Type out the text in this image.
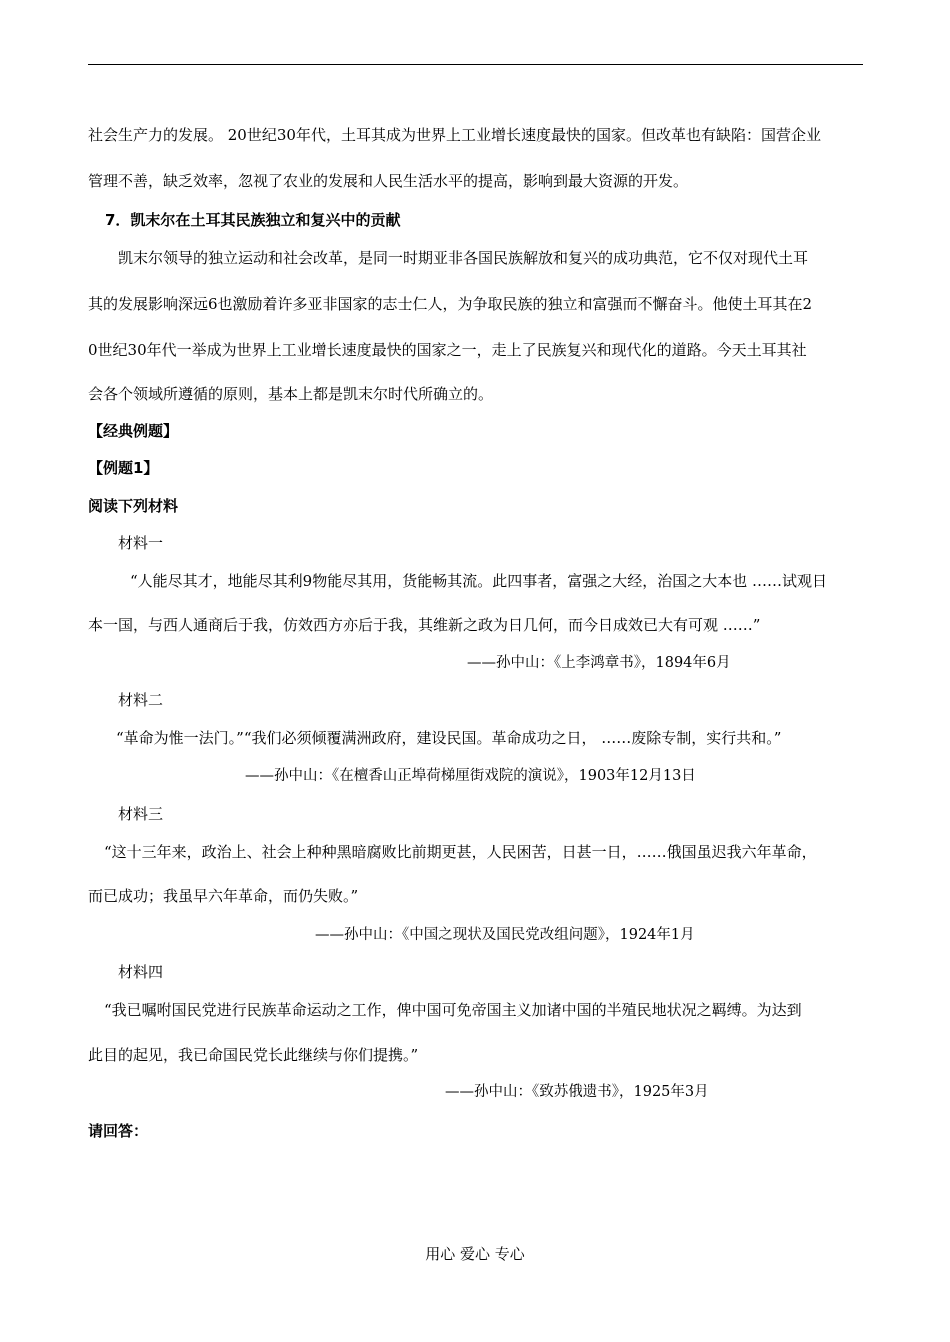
社会生产力的发展。 20世纪30年代，土耳其成为世界上工业增长速度最快的国家。但改革也有缺陷：国营企业
管理不善，缺乏效率，忽视了农业的发展和人民生活水平的提高，影响到最大资源的开发。
7．凯末尔在土耳其民族独立和复兴中的贡献
凯末尔领导的独立运动和社会改革，是同一时期亚非各国民族解放和复兴的成功典范，它不仅对现代土耳
其的发展影响深远6也激励着许多亚非国家的志士仁人，为争取民族的独立和富强而不懈奋斗。他使土耳其在2
0世纪30年代一举成为世界上工业增长速度最快的国家之一，走上了民族复兴和现代化的道路。今天土耳其社
会各个领域所遵循的原则，基本上都是凯末尔时代所确立的。
【经典例题】
【例题1】
阅读下列材料
材料一
“人能尽其才，地能尽其利9物能尽其用，货能畅其流。此四事者，富强之大经，治国之大本也 ……试观日
本一国，与西人通商后于我，仿效西方亦后于我，其维新之政为日几何，而今日成效已大有可观 ……”
——孙中山：《上李鸿章书》，1894年6月
材料二
“革命为惟一法门。”“我们必须倾覆满洲政府，建设民国。革命成功之日， ……废除专制，实行共和。”
——孙中山：《在檀香山正埠荷梯厘街戏院的演说》，1903年12月13日
材料三
“这十三年来，政治上、社会上种种黑暗腐败比前期更甚，人民困苦，日甚一日，……俄国虽迟我六年革命，
而已成功；我虽早六年革命，而仍失败。”
——孙中山：《中国之现状及国民党改组问题》，1924年1月
材料四
“我已嘱咐国民党进行民族革命运动之工作，俾中国可免帝国主义加诸中国的半殖民地状况之羁缚。为达到
此目的起见，我已命国民党长此继续与你们提携。”
——孙中山：《致苏俄遗书》，1925年3月
请回答：
用心 爱心 专心
